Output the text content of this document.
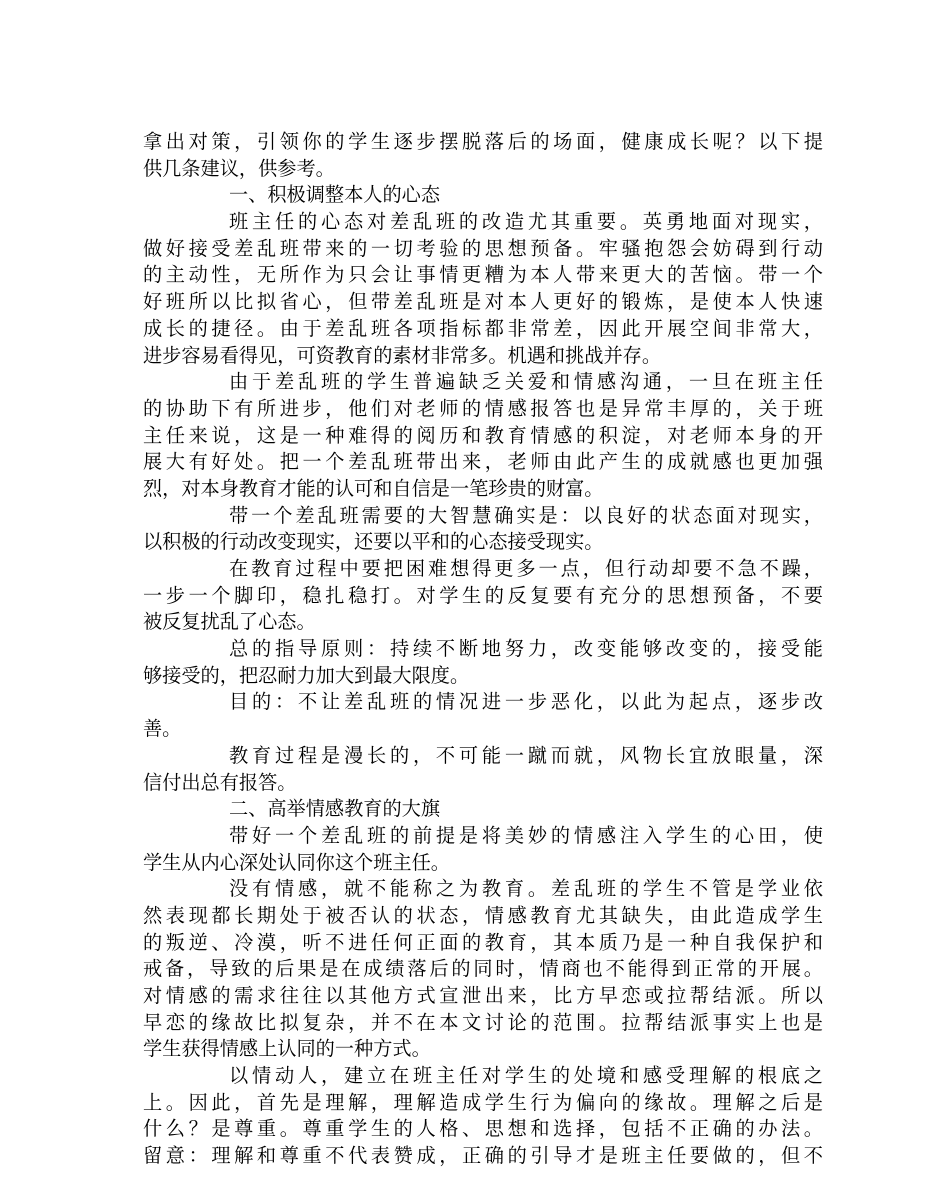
拿出对策，引领你的学生逐步摆脱落后的场面，健康成长呢？以下提
供几条建议，供参考。
一、积极调整本人的心态
班主任的心态对差乱班的改造尤其重要。英勇地面对现实，
做好接受差乱班带来的一切考验的思想预备。牢骚抱怨会妨碍到行动
的主动性，无所作为只会让事情更糟为本人带来更大的苦恼。带一个
好班所以比拟省心，但带差乱班是对本人更好的锻炼，是使本人快速
成长的捷径。由于差乱班各项指标都非常差，因此开展空间非常大，
进步容易看得见，可资教育的素材非常多。机遇和挑战并存。
由于差乱班的学生普遍缺乏关爱和情感沟通，一旦在班主任
的协助下有所进步，他们对老师的情感报答也是异常丰厚的，关于班
主任来说，这是一种难得的阅历和教育情感的积淀，对老师本身的开
展大有好处。把一个差乱班带出来，老师由此产生的成就感也更加强
烈，对本身教育才能的认可和自信是一笔珍贵的财富。
带一个差乱班需要的大智慧确实是：以良好的状态面对现实，
以积极的行动改变现实，还要以平和的心态接受现实。
在教育过程中要把困难想得更多一点，但行动却要不急不躁，
一步一个脚印，稳扎稳打。对学生的反复要有充分的思想预备，不要
被反复扰乱了心态。
总的指导原则：持续不断地努力，改变能够改变的，接受能
够接受的，把忍耐力加大到最大限度。
目的：不让差乱班的情况进一步恶化，以此为起点，逐步改
善。
教育过程是漫长的，不可能一蹴而就，风物长宜放眼量，深
信付出总有报答。
二、高举情感教育的大旗
带好一个差乱班的前提是将美妙的情感注入学生的心田，使
学生从内心深处认同你这个班主任。
没有情感，就不能称之为教育。差乱班的学生不管是学业依
然表现都长期处于被否认的状态，情感教育尤其缺失，由此造成学生
的叛逆、冷漠，听不进任何正面的教育，其本质乃是一种自我保护和
戒备，导致的后果是在成绩落后的同时，情商也不能得到正常的开展。
对情感的需求往往以其他方式宣泄出来，比方早恋或拉帮结派。所以
早恋的缘故比拟复杂，并不在本文讨论的范围。拉帮结派事实上也是
学生获得情感上认同的一种方式。
以情动人，建立在班主任对学生的处境和感受理解的根底之
上。因此，首先是理解，理解造成学生行为偏向的缘故。理解之后是
什么？是尊重。尊重学生的人格、思想和选择，包括不正确的办法。
留意：理解和尊重不代表赞成，正确的引导才是班主任要做的，但不
